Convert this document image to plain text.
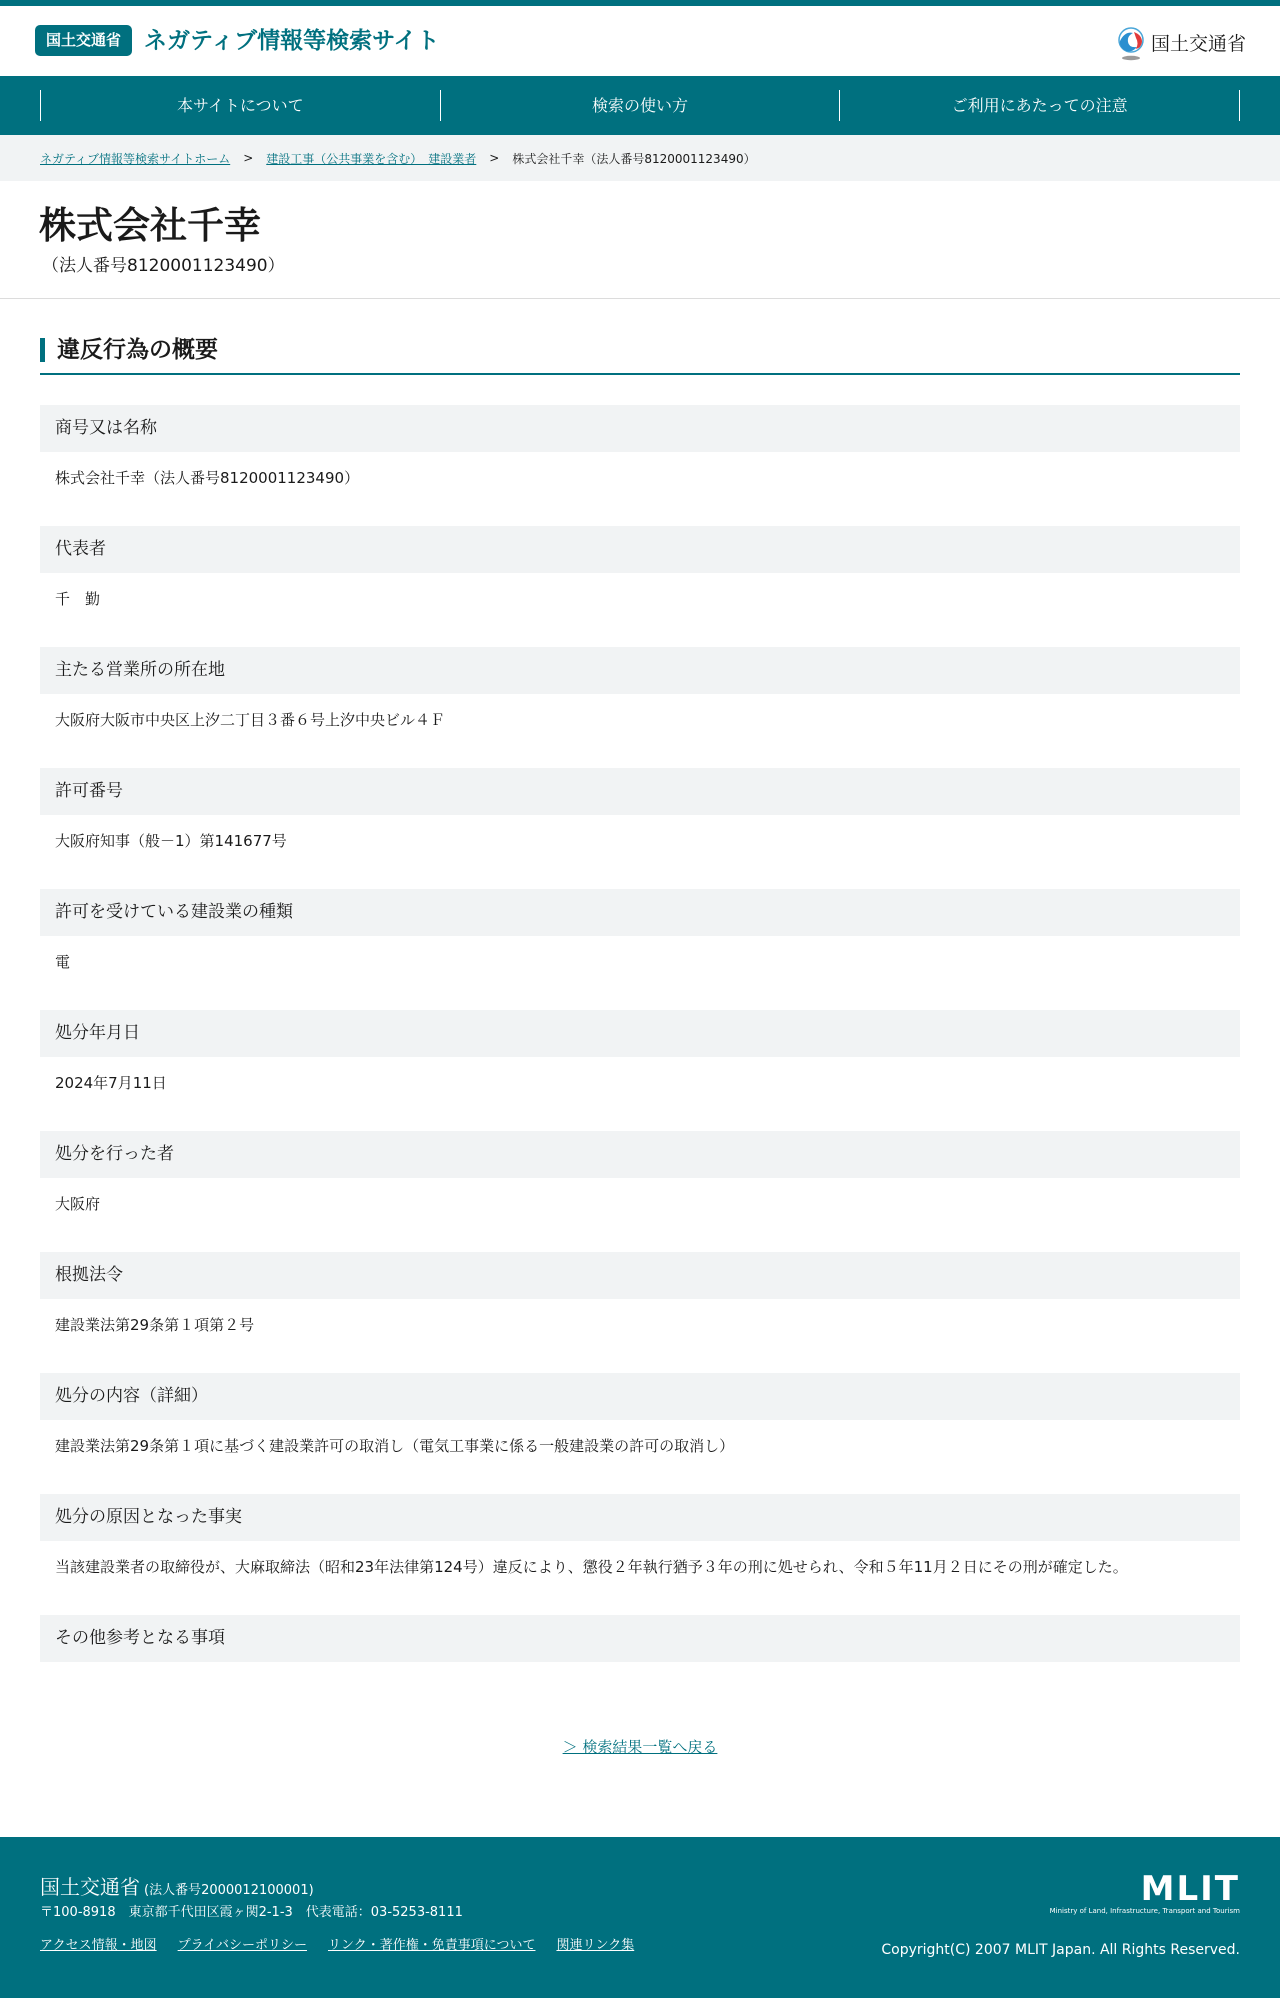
国土交通省 ネガティブ情報等検索サイト	国土交通省
本サイトについて	検索の使い方	ご利用にあたっての注意
ネガティブ情報等検索サイトホーム > 建設工事（公共事業を含む）　建設業者 > 株式会社千幸（法人番号8120001123490）
株式会社千幸
（法人番号8120001123490）
違反行為の概要
商号又は名称
株式会社千幸（法人番号8120001123490）
代表者
千　勤
主たる営業所の所在地
大阪府大阪市中央区上汐二丁目３番６号上汐中央ビル４Ｆ
許可番号
大阪府知事（般－1）第141677号
許可を受けている建設業の種類
電
処分年月日
2024年7月11日
処分を行った者
大阪府
根拠法令
建設業法第29条第１項第２号
処分の内容（詳細）
建設業法第29条第１項に基づく建設業許可の取消し（電気工事業に係る一般建設業の許可の取消し）
処分の原因となった事実
当該建設業者の取締役が、大麻取締法（昭和23年法律第124号）違反により、懲役２年執行猶予３年の刑に処せられ、令和５年11月２日にその刑が確定した。
その他参考となる事項
＞ 検索結果一覧へ戻る
国土交通省 (法人番号2000012100001)
〒100-8918　東京都千代田区霞ヶ関2-1-3　代表電話：03-5253-8111
アクセス情報・地図 プライバシーポリシー リンク・著作権・免責事項について 関連リンク集
MLIT
Ministry of Land, Infrastructure, Transport and Tourism
Copyright(C) 2007 MLIT Japan. All Rights Reserved.
